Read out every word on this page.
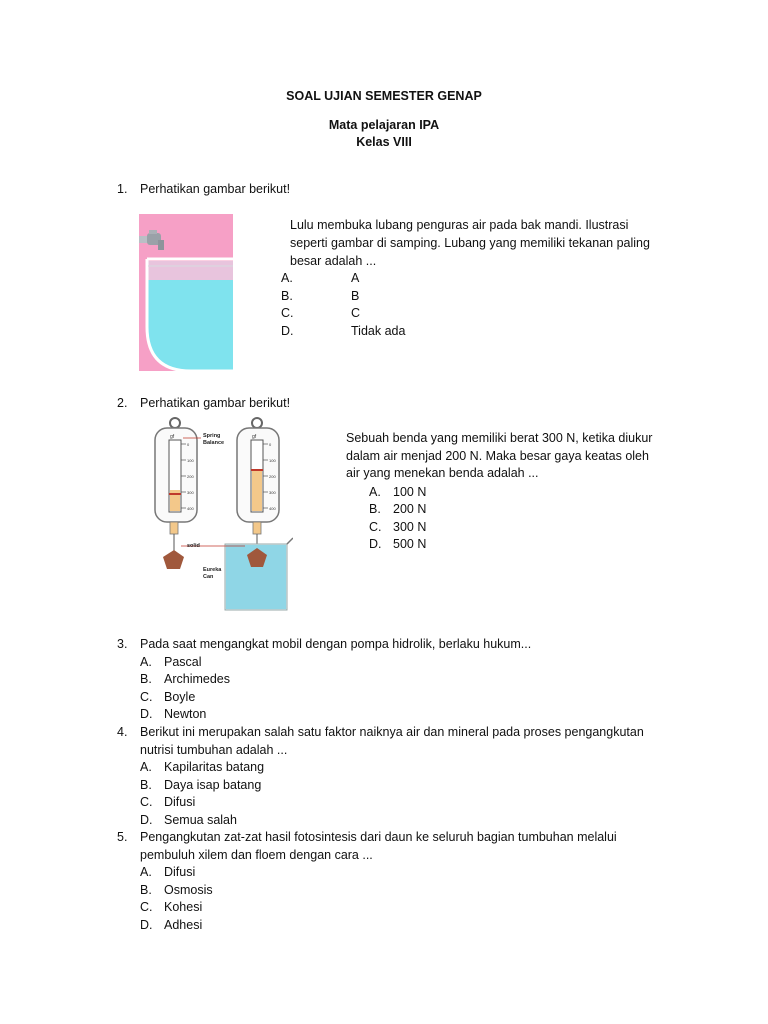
SOAL UJIAN SEMESTER GENAP
Mata pelajaran IPA
Kelas VIII
1.	Perhatikan gambar berikut!
Lulu membuka lubang penguras air pada bak mandi. Ilustrasi
seperti gambar di samping. Lubang yang memiliki tekanan paling
besar adalah ...
A.	A
B.	B
C.	C
D.	Tidak ada
2.	Perhatikan gambar berikut!
gf
0
100
200
300
400
gf
0
100
200
300
400
Spring
Balance
solid
Eureka
Can
Sebuah benda yang memiliki berat 300 N, ketika diukur
dalam air menjad 200 N. Maka besar gaya keatas oleh
air yang menekan benda adalah ...
A. 100 N
B. 200 N
C. 300 N
D. 500 N
3.	Pada saat mengangkat mobil dengan pompa hidrolik, berlaku hukum...
A. Pascal
B. Archimedes
C. Boyle
D. Newton
4.	Berikut ini merupakan salah satu faktor naiknya air dan mineral pada proses pengangkutan
nutrisi tumbuhan adalah ...
A. Kapilaritas batang
B. Daya isap batang
C. Difusi
D. Semua salah
5.	Pengangkutan zat-zat hasil fotosintesis dari daun ke seluruh bagian tumbuhan melalui
pembuluh xilem dan floem dengan cara ...
A. Difusi
B. Osmosis
C. Kohesi
D. Adhesi
